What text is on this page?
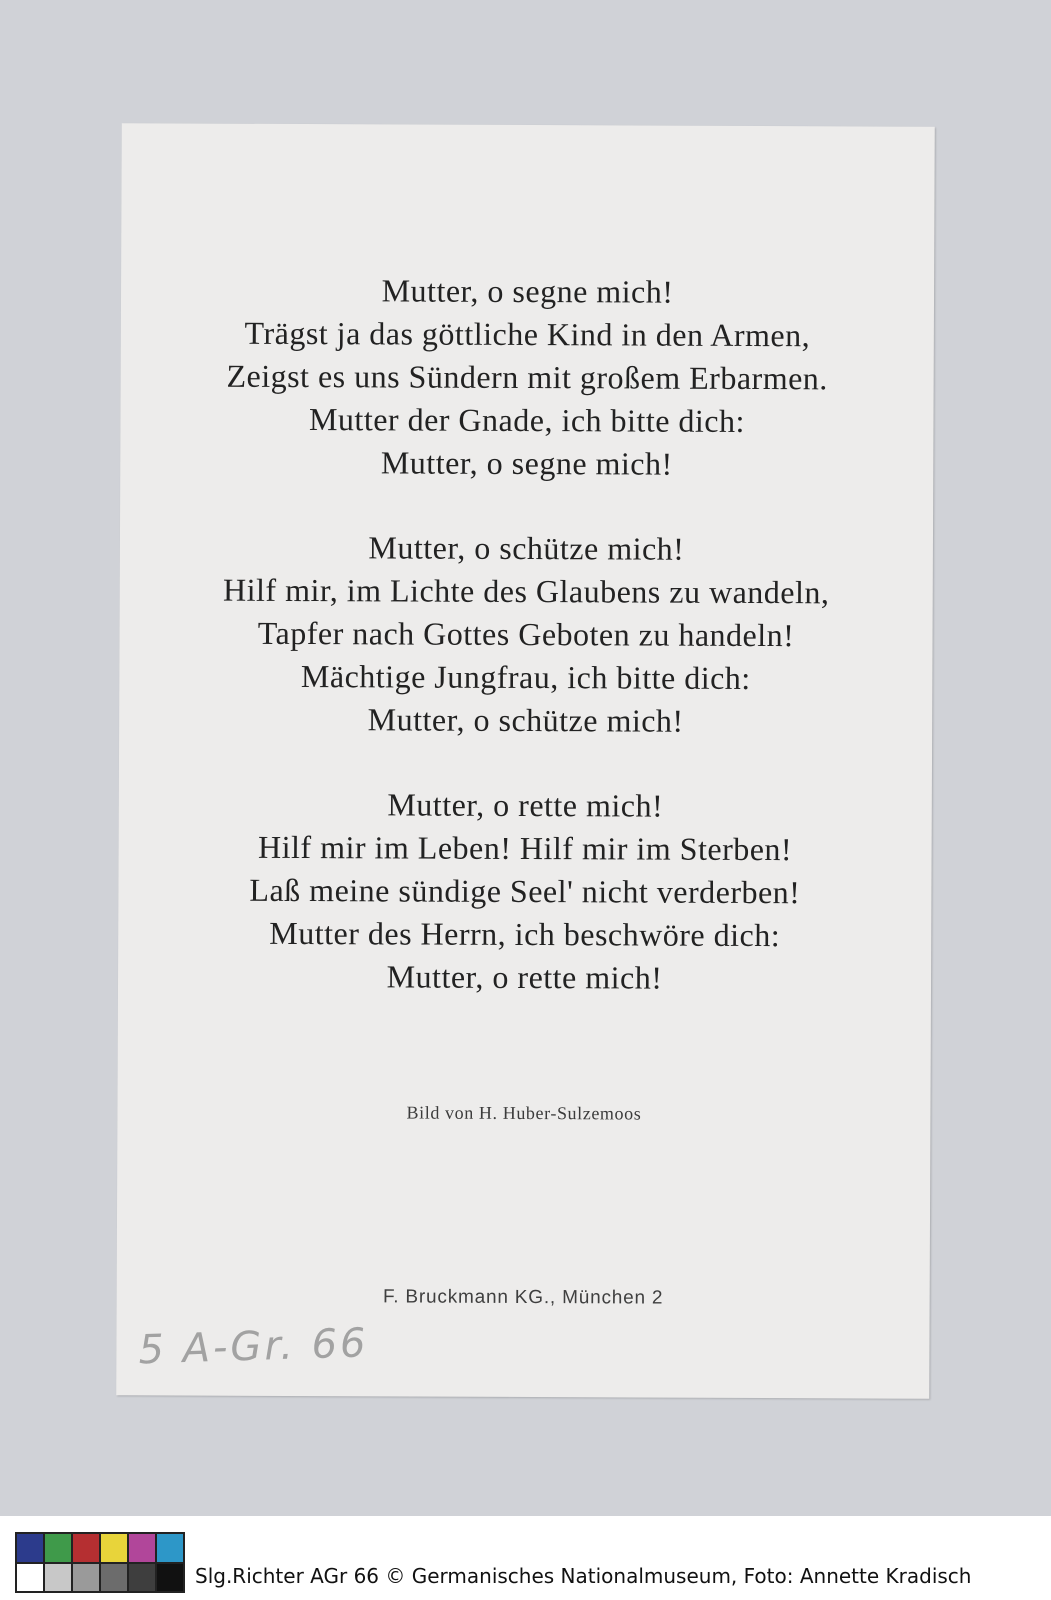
Mutter, o segne mich!
Trägst ja das göttliche Kind in den Armen,
Zeigst es uns Sündern mit großem Erbarmen.
Mutter der Gnade, ich bitte dich:
Mutter, o segne mich!
Mutter, o schütze mich!
Hilf mir, im Lichte des Glaubens zu wandeln,
Tapfer nach Gottes Geboten zu handeln!
Mächtige Jungfrau, ich bitte dich:
Mutter, o schütze mich!
Mutter, o rette mich!
Hilf mir im Leben! Hilf mir im Sterben!
Laß meine sündige Seel' nicht verderben!
Mutter des Herrn, ich beschwöre dich:
Mutter, o rette mich!
Bild von H. Huber-Sulzemoos
F. Bruckmann KG., München 2
5 A-Gr. 66
Slg.Richter AGr 66 © Germanisches Nationalmuseum, Foto: Annette Kradisch
